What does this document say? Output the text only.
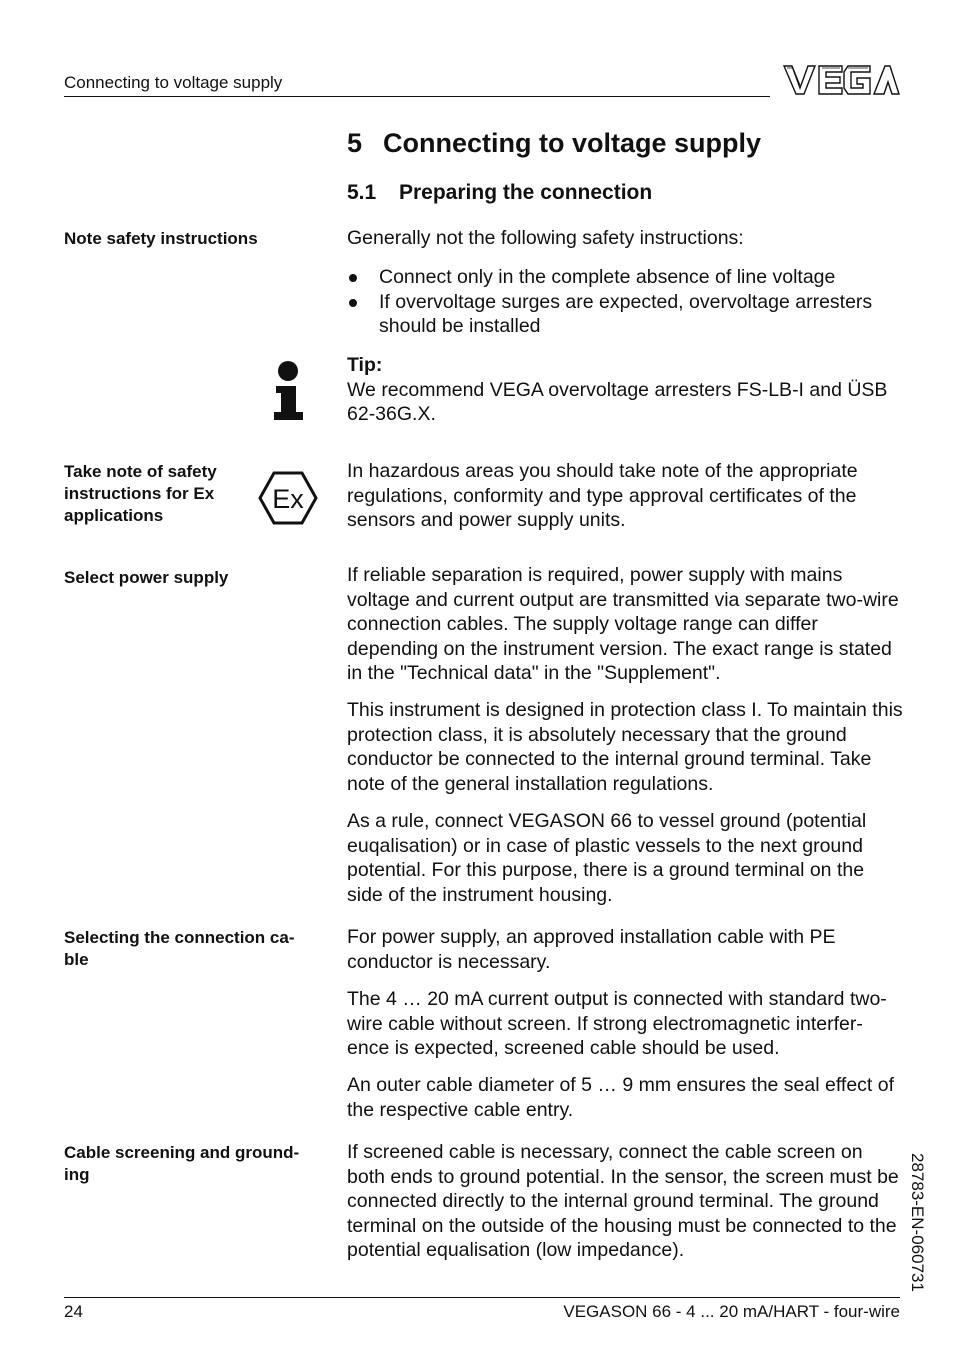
Connecting to voltage supply
5 Connecting to voltage supply
5.1 Preparing the connection
Note safety instructions
Take note of safety instructions for Ex applications
Select power supply
Selecting the connection ca-
ble
Cable screening and ground-
ing
Ex

Generally not the following safety instructions:

Connect only in the complete absence of line voltage
If overvoltage surges are expected, overvoltage arresters should be installed

Tip:

We recommend VEGA overvoltage arresters FS-LB-I and ÜSB 62-36G.X.

In hazardous areas you should take note of the appropriate regulations, conformity and type approval certificates of the sensors and power supply units.

If reliable separation is required, power supply with mains voltage and current output are transmitted via separate two-wire connection cables. The supply voltage range can differ depending on the instrument version. The exact range is stated in the "Technical data" in the "Supplement".

This instrument is designed in protection class I. To maintain this protection class, it is absolutely necessary that the ground conductor be connected to the internal ground terminal. Take note of the general installation regulations.

As a rule, connect VEGASON 66 to vessel ground (potential euqalisation) or in case of plastic vessels to the next ground potential. For this purpose, there is a ground terminal on the side of the instrument housing.

For power supply, an approved installation cable with PE conductor is necessary.

The 4 … 20 mA current output is connected with standard two-wire cable without screen. If strong electromagnetic interfer-ence is expected, screened cable should be used.

An outer cable diameter of 5 … 9 mm ensures the seal effect of the respective cable entry.

If screened cable is necessary, connect the cable screen on both ends to ground potential. In the sensor, the screen must be connected directly to the internal ground terminal. The ground terminal on the outside of the housing must be connected to the potential equalisation (low impedance).	28783-EN-060731
24	VEGASON 66 - 4 ... 20 mA/HART - four-wire
